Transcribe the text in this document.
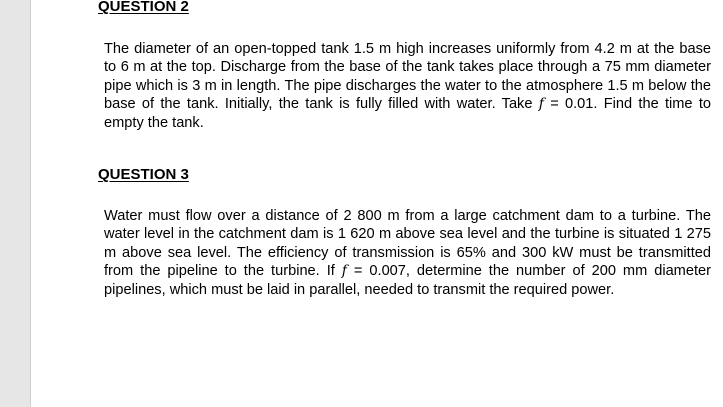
QUESTION 2

The diameter of an open-topped tank 1.5 m high increases uniformly from 4.2 m at the base to 6 m at the top. Discharge from the base of the tank takes place through a 75 mm diameter pipe which is 3 m in length. The pipe discharges the water to the atmosphere 1.5 m below the base of the tank. Initially, the tank is fully filled with water. Take f = 0.01. Find the time to empty the tank.

QUESTION 3

Water must flow over a distance of 2 800 m from a large catchment dam to a turbine. The water level in the catchment dam is 1 620 m above sea level and the turbine is situated 1 275 m above sea level. The efficiency of transmission is 65% and 300 kW must be transmitted from the pipeline to the turbine. If f = 0.007, determine the number of 200 mm diameter pipelines, which must be laid in parallel, needed to transmit the required power.
